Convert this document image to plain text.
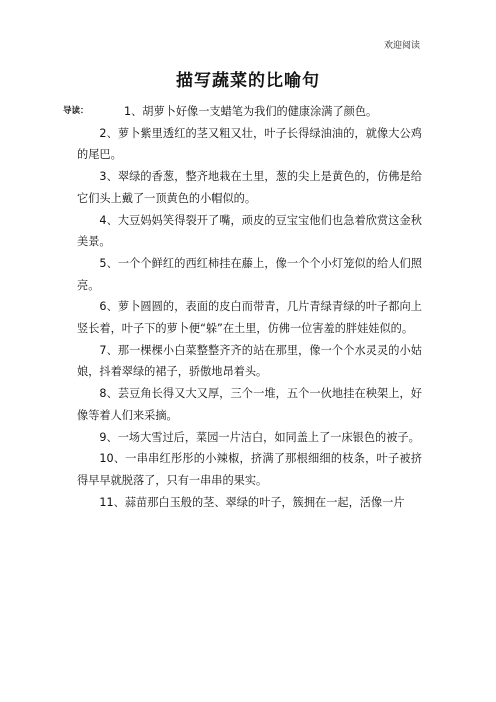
欢迎阅读
描写蔬菜的比喻句

导读：	1、胡萝卜好像一支蜡笔为我们的健康涂满了颜色。

2、萝卜紫里透红的茎又粗又壮，叶子长得绿油油的，就像大公鸡的尾巴。

3、翠绿的香葱，整齐地栽在土里，葱的尖上是黄色的，仿佛是给它们头上戴了一顶黄色的小帽似的。

4、大豆妈妈笑得裂开了嘴，顽皮的豆宝宝他们也急着欣赏这金秋美景。

5、一个个鲜红的西红柿挂在藤上，像一个个小灯笼似的给人们照亮。

6、萝卜圆圆的，表面的皮白而带青，几片青绿青绿的叶子都向上竖长着，叶子下的萝卜便“躲”在土里，仿佛一位害羞的胖娃娃似的。

7、那一棵棵小白菜整整齐齐的站在那里，像一个个水灵灵的小姑娘，抖着翠绿的裙子，骄傲地昂着头。

8、芸豆角长得又大又厚，三个一堆，五个一伙地挂在秧架上，好像等着人们来采摘。

9、一场大雪过后，菜园一片洁白，如同盖上了一床银色的被子。

10、一串串红彤彤的小辣椒，挤满了那根细细的枝条，叶子被挤得早早就脱落了，只有一串串的果实。

11、蒜苗那白玉般的茎、翠绿的叶子，簇拥在一起，活像一片
